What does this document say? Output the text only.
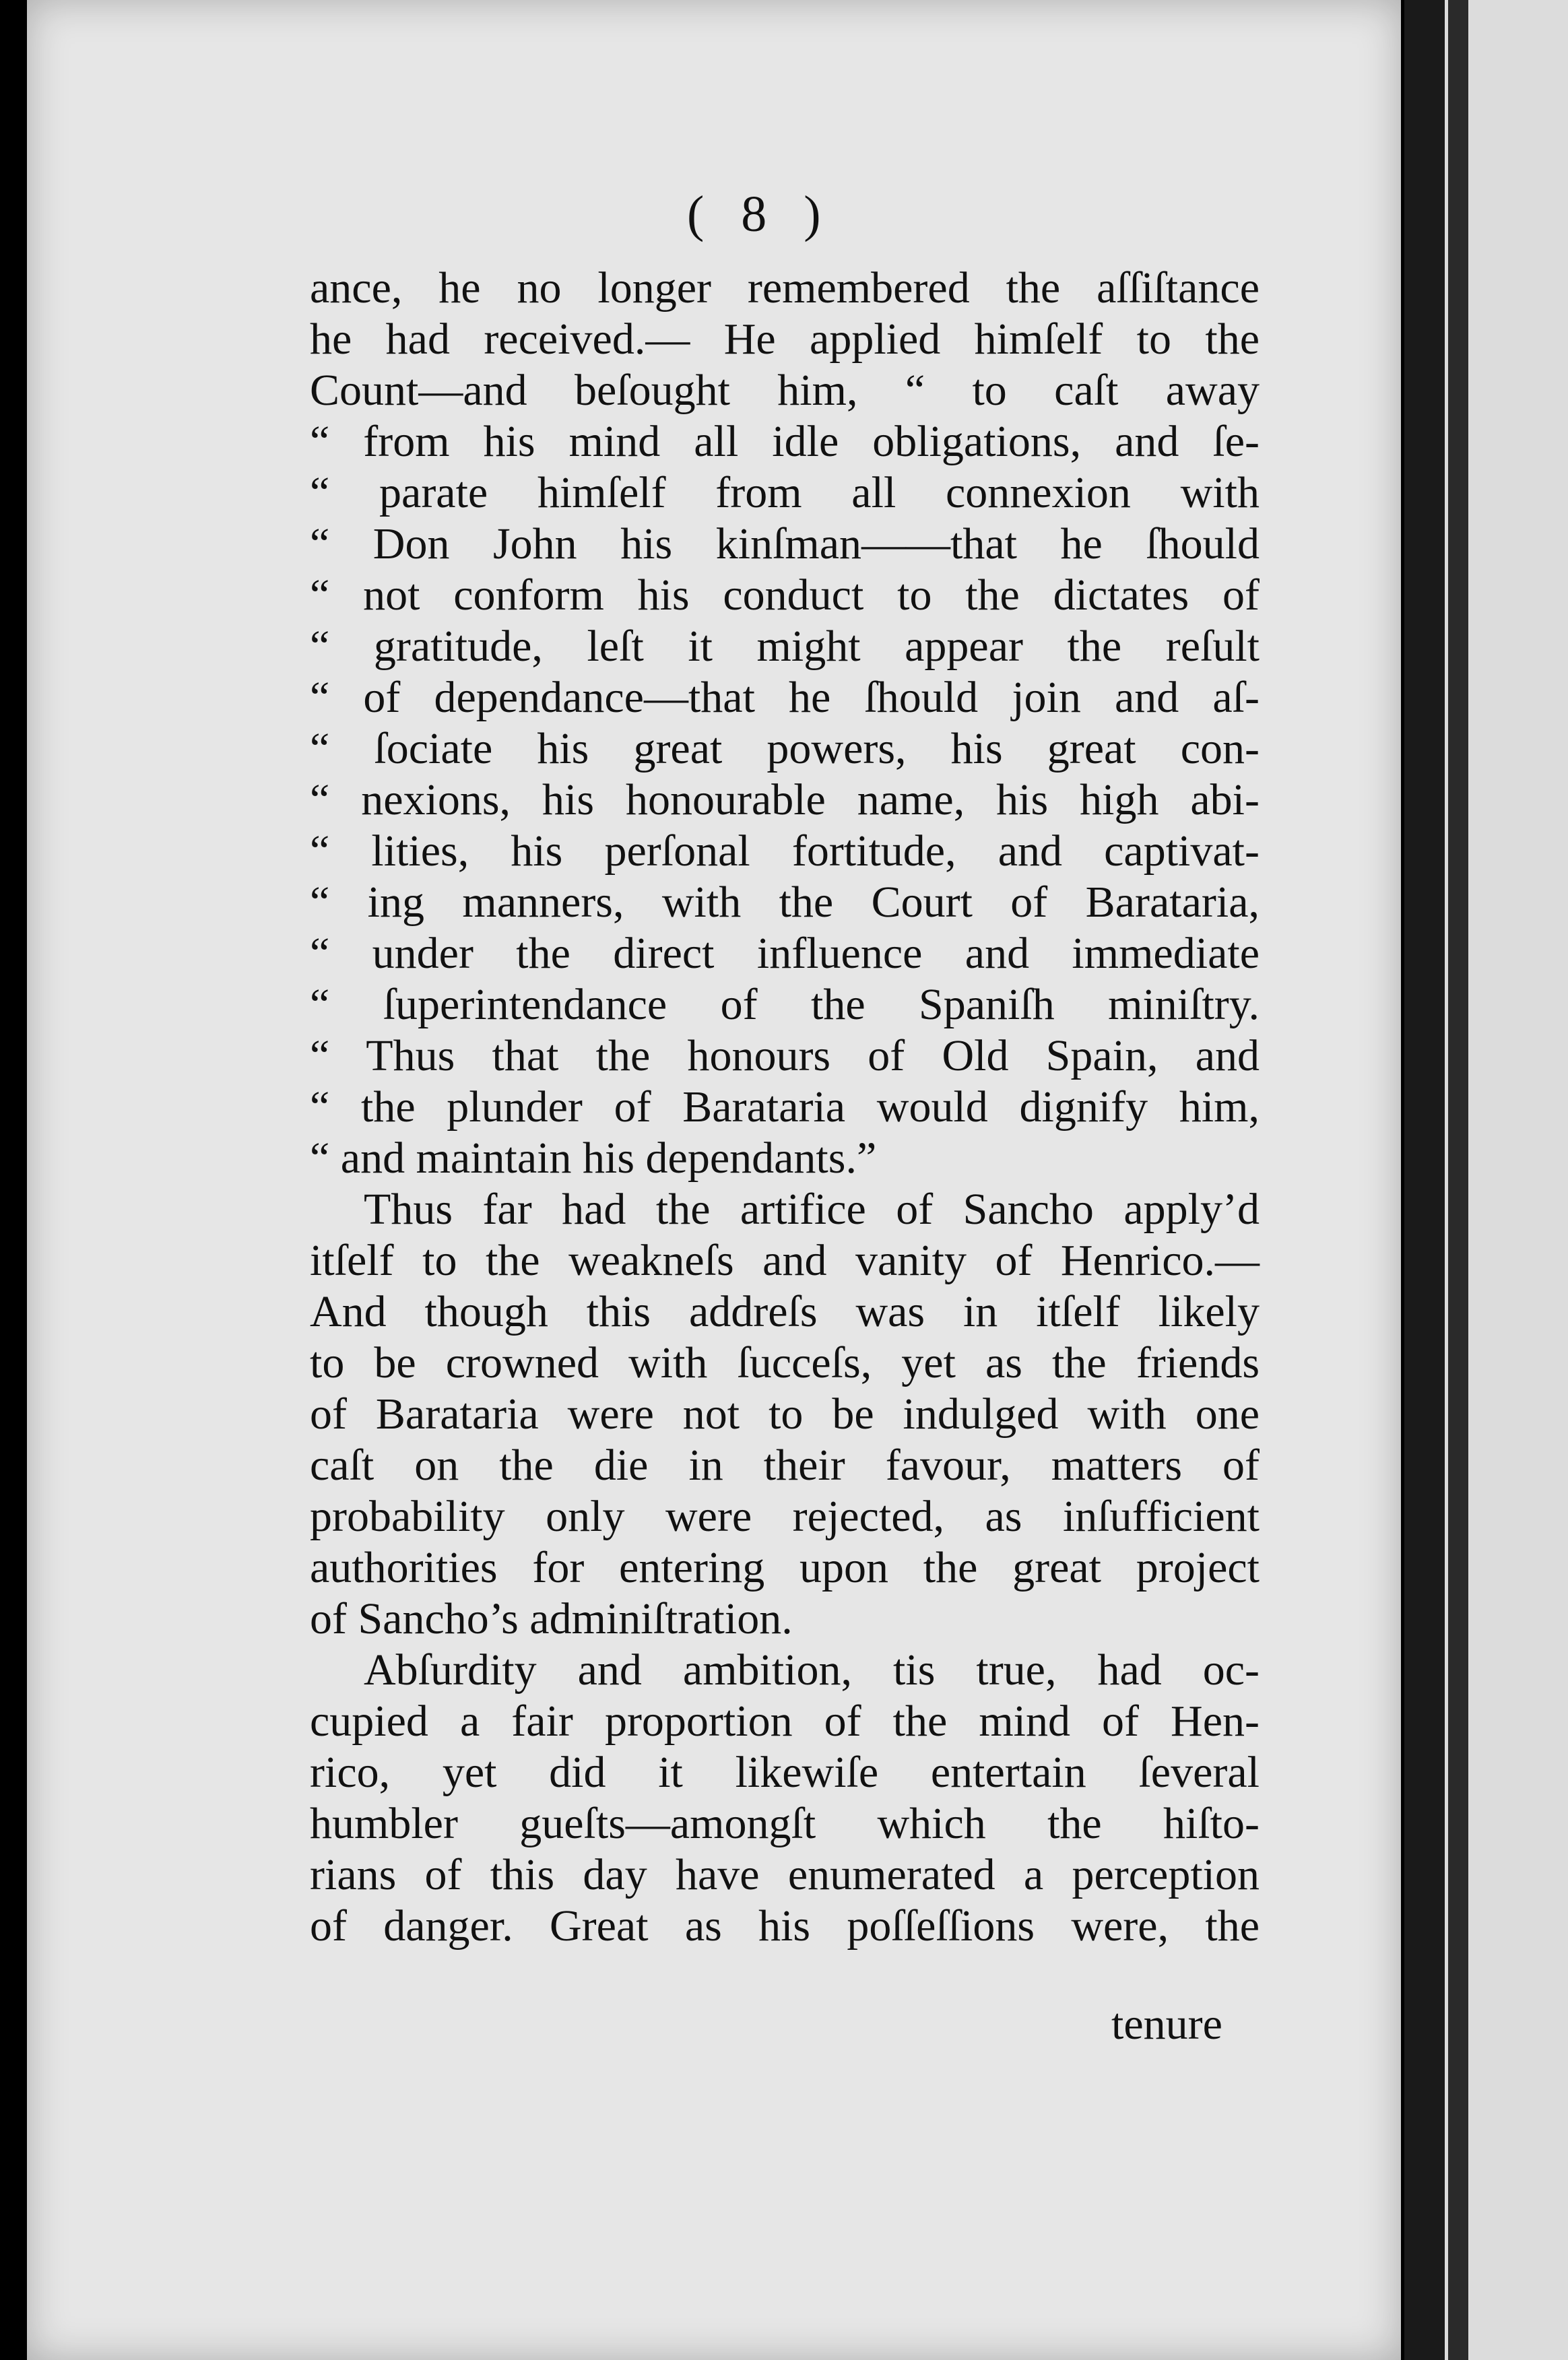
( 8 )
ance, he no longer remembered the aſſiſtance
he had received.— He applied himſelf to the
Count—and beſought him, “ to caſt away
“ from his mind all idle obligations, and ſe-
“ parate himſelf from all connexion with
“ Don John his kinſman——that he ſhould
“ not conform his conduct to the dictates of
“ gratitude, leſt it might appear the reſult
“ of dependance—that he ſhould join and aſ-
“ ſociate his great powers, his great con-
“ nexions, his honourable name, his high abi-
“ lities, his perſonal fortitude, and captivat-
“ ing manners, with the Court of Barataria,
“ under the direct influence and immediate
“ ſuperintendance of the Spaniſh miniſtry.
“ Thus that the honours of Old Spain, and
“ the plunder of Barataria would dignify him,
“ and maintain his dependants.”
Thus far had the artifice of Sancho apply’d
itſelf to the weakneſs and vanity of Henrico.—
And though this addreſs was in itſelf likely
to be crowned with ſucceſs, yet as the friends
of Barataria were not to be indulged with one
caſt on the die in their favour, matters of
probability only were rejected, as inſufficient
authorities for entering upon the great project
of Sancho’s adminiſtration.
Abſurdity and ambition, tis true, had oc-
cupied a fair proportion of the mind of Hen-
rico, yet did it likewiſe entertain ſeveral
humbler gueſts—amongſt which the hiſto-
rians of this day have enumerated a perception
of danger. Great as his poſſeſſions were, the
tenure
